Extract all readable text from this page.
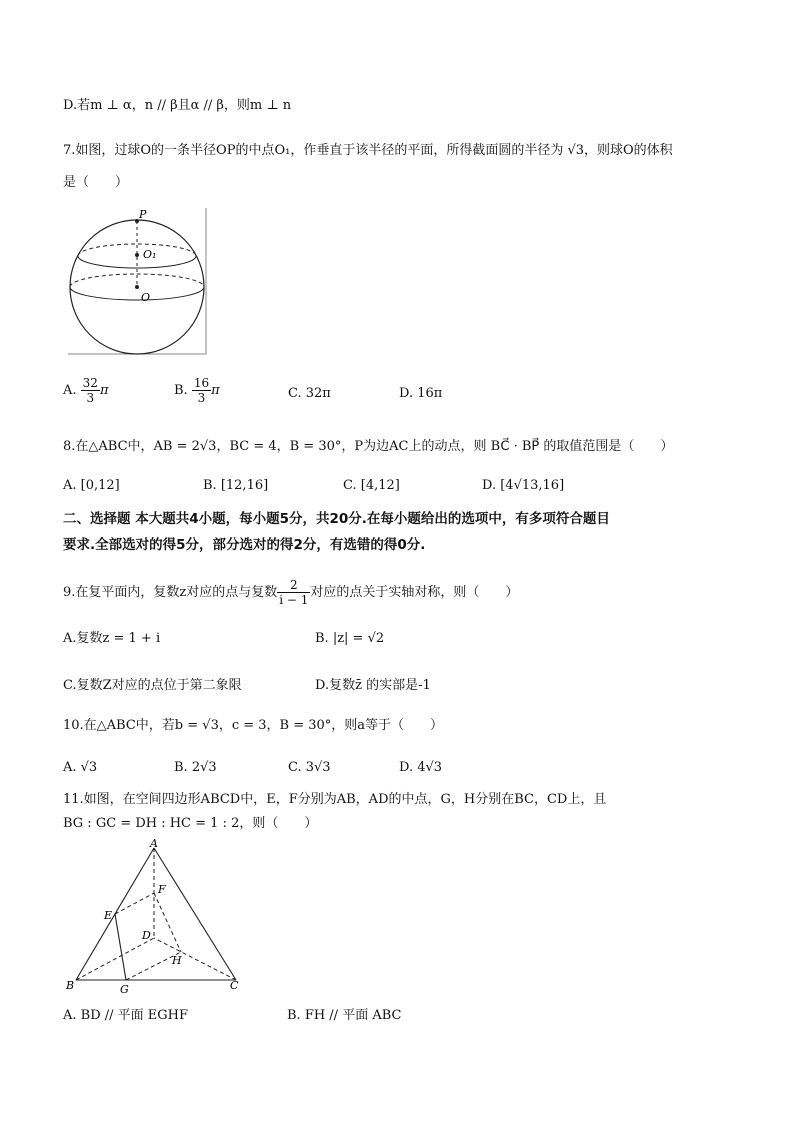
D.若m ⊥ α，n // β且α // β，则m ⊥ n
7.如图，过球O的一条半径OP的中点O₁，作垂直于该半径的平面，所得截面圆的半径为 √3，则球O的体积
是（　　）
P
O₁
O
A. $\frac{32}{3}$ π	B. $\frac{16}{3}$ π	C. 32π	D. 16π
8.在△ABC中，AB = 2√3，BC = 4，B = 30°，P为边AC上的动点，则 BC⃗ · BP⃗ 的取值范围是（　　）
A. [0,12]	B. [12,16]	C. [4,12]	D. [4√13,16]
二、选择题 本大题共4小题，每小题5分，共20分.在每小题给出的选项中，有多项符合题目
要求.全部选对的得5分，部分选对的得2分，有选错的得0分.
9.在复平面内，复数z对应的点与复数 $\frac{2}{i - 1}$ 对应的点关于实轴对称，则（　　）
A.复数z = 1 + i	B. |z| = √2
C.复数Z对应的点位于第二象限	D.复数z̄ 的实部是-1
10.在△ABC中，若b = √3，c = 3，B = 30°，则a等于（　　）
A. √3	B. 2√3	C. 3√3	D. 4√3
11.如图，在空间四边形ABCD中，E，F分别为AB，AD的中点，G，H分别在BC，CD上，且
BG : GC = DH : HC = 1 : 2，则（　　）
A
B	C
D
E
F
G
H
A. BD // 平面 EGHF	B. FH // 平面 ABC
